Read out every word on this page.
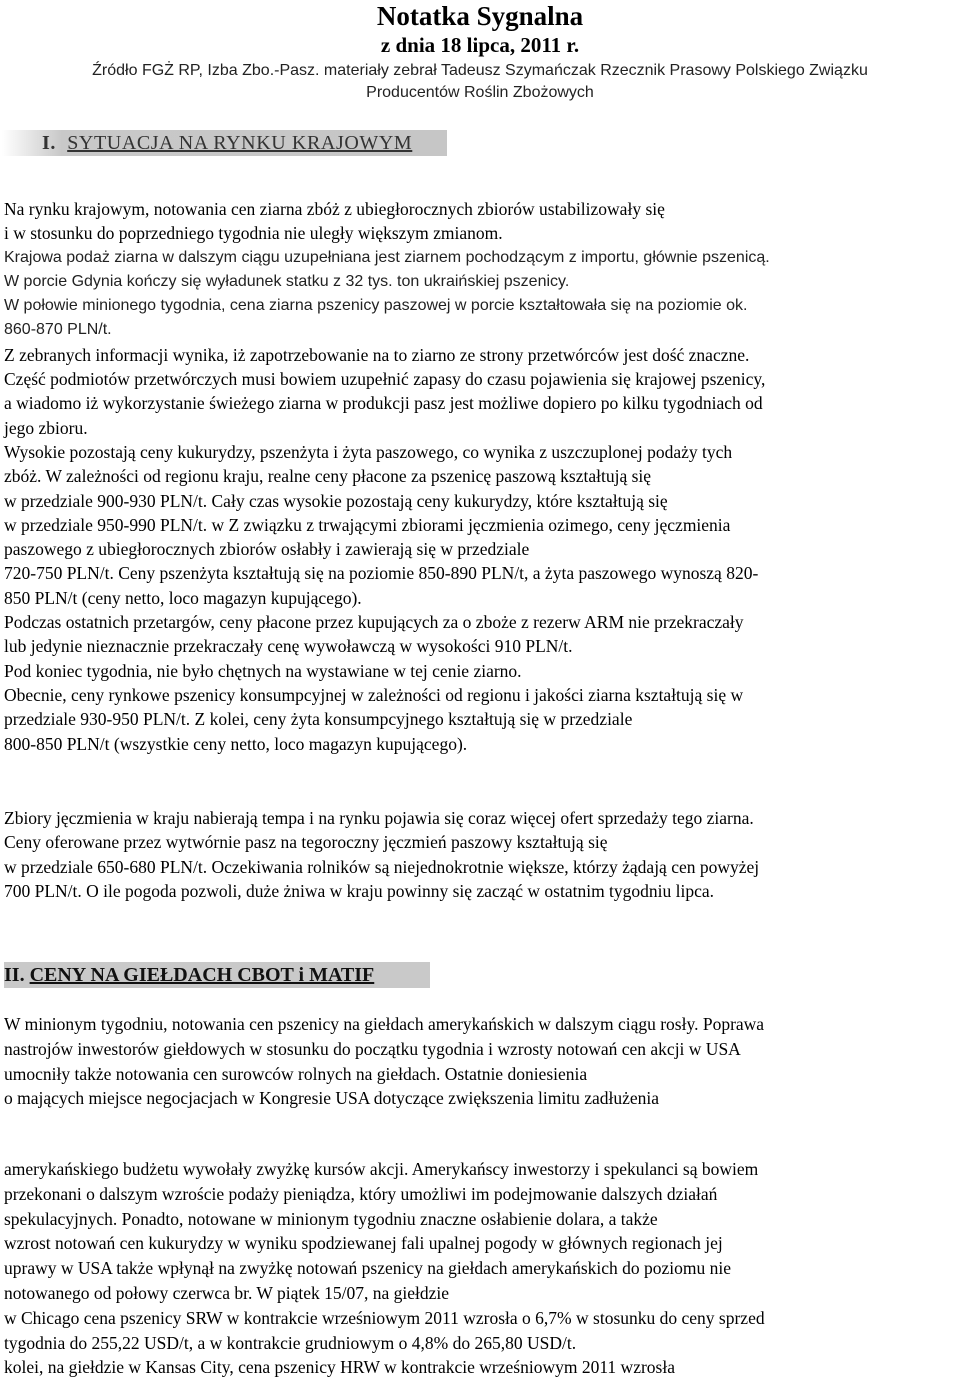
Notatka Sygnalna
z dnia 18 lipca, 2011 r.
Źródło FGŻ RP, Izba Zbo.-Pasz. materiały zebrał Tadeusz Szymańczak Rzecznik Prasowy Polskiego Związku
Producentów Roślin Zbożowych
I. SYTUACJA NA RYNKU KRAJOWYM
Na rynku krajowym, notowania cen ziarna zbóż z ubiegłorocznych zbiorów ustabilizowały się
i w stosunku do poprzedniego tygodnia nie uległy większym zmianom.
Krajowa podaż ziarna w dalszym ciągu uzupełniana jest ziarnem pochodzącym z importu, głównie pszenicą.
W porcie Gdynia kończy się wyładunek statku z 32 tys. ton ukraińskiej pszenicy.
W połowie minionego tygodnia, cena ziarna pszenicy paszowej w porcie kształtowała się na poziomie ok.
860-870 PLN/t.
Z zebranych informacji wynika, iż zapotrzebowanie na to ziarno ze strony przetwórców jest dość znaczne.
Część podmiotów przetwórczych musi bowiem uzupełnić zapasy do czasu pojawienia się krajowej pszenicy,
a wiadomo iż wykorzystanie świeżego ziarna w produkcji pasz jest możliwe dopiero po kilku tygodniach od
jego zbioru.
Wysokie pozostają ceny kukurydzy, pszenżyta i żyta paszowego, co wynika z uszczuplonej podaży tych
zbóż. W zależności od regionu kraju, realne ceny płacone za pszenicę paszową kształtują się
w przedziale 900-930 PLN/t. Cały czas wysokie pozostają ceny kukurydzy, które kształtują się
w przedziale 950-990 PLN/t. w Z związku z trwającymi zbiorami jęczmienia ozimego, ceny jęczmienia
paszowego z ubiegłorocznych zbiorów osłabły i zawierają się w przedziale
720-750 PLN/t. Ceny pszenżyta kształtują się na poziomie 850-890 PLN/t, a żyta paszowego wynoszą 820-
850 PLN/t (ceny netto, loco magazyn kupującego).
Podczas ostatnich przetargów, ceny płacone przez kupujących za o zboże z rezerw ARM nie przekraczały
lub jedynie nieznacznie przekraczały cenę wywoławczą w wysokości 910 PLN/t.
Pod koniec tygodnia, nie było chętnych na wystawiane w tej cenie ziarno.
Obecnie, ceny rynkowe pszenicy konsumpcyjnej w zależności od regionu i jakości ziarna kształtują się w
przedziale 930-950 PLN/t. Z kolei, ceny żyta konsumpcyjnego kształtują się w przedziale
800-850 PLN/t (wszystkie ceny netto, loco magazyn kupującego).
Zbiory jęczmienia w kraju nabierają tempa i na rynku pojawia się coraz więcej ofert sprzedaży tego ziarna.
Ceny oferowane przez wytwórnie pasz na tegoroczny jęczmień paszowy kształtują się
w przedziale 650-680 PLN/t. Oczekiwania rolników są niejednokrotnie większe, którzy żądają cen powyżej
700 PLN/t. O ile pogoda pozwoli, duże żniwa w kraju powinny się zacząć w ostatnim tygodniu lipca.
II. CENY NA GIEŁDACH CBOT i MATIF
W minionym tygodniu, notowania cen pszenicy na giełdach amerykańskich w dalszym ciągu rosły. Poprawa
nastrojów inwestorów giełdowych w stosunku do początku tygodnia i wzrosty notowań cen akcji w USA
umocniły także notowania cen surowców rolnych na giełdach. Ostatnie doniesienia
o mających miejsce negocjacjach w Kongresie USA dotyczące zwiększenia limitu zadłużenia
amerykańskiego budżetu wywołały zwyżkę kursów akcji. Amerykańscy inwestorzy i spekulanci są bowiem
przekonani o dalszym wzroście podaży pieniądza, który umożliwi im podejmowanie dalszych działań
spekulacyjnych. Ponadto, notowane w minionym tygodniu znaczne osłabienie dolara, a także
wzrost notowań cen kukurydzy w wyniku spodziewanej fali upalnej pogody w głównych regionach jej
uprawy w USA także wpłynął na zwyżkę notowań pszenicy na giełdach amerykańskich do poziomu nie
notowanego od połowy czerwca br. W piątek 15/07, na giełdzie
w Chicago cena pszenicy SRW w kontrakcie wrześniowym 2011 wzrosła o 6,7% w stosunku do ceny sprzed
tygodnia do 255,22 USD/t, a w kontrakcie grudniowym o 4,8% do 265,80 USD/t.
kolei, na giełdzie w Kansas City, cena pszenicy HRW w kontrakcie wrześniowym 2011 wzrosła
